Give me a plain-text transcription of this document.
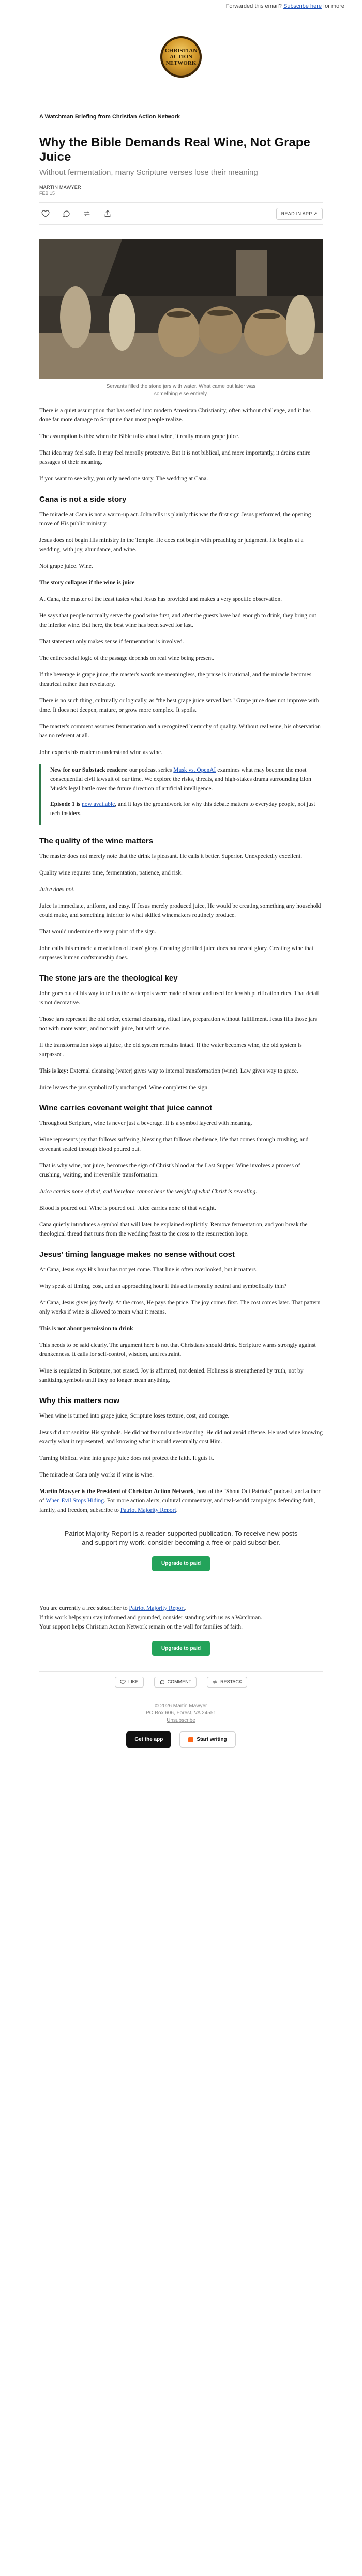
Forwarded this email? Subscribe here for more
CHRISTIAN ACTION NETWORK
A Watchman Briefing from Christian Action Network
Why the Bible Demands Real Wine, Not Grape Juice
Without fermentation, many Scripture verses lose their meaning
MARTIN MAWYER
FEB 15
READ IN APP ↗
Servants filled the stone jars with water. What came out later was something else entirely.

There is a quiet assumption that has settled into modern American Christianity, often without challenge, and it has done far more damage to Scripture than most people realize.

The assumption is this: when the Bible talks about wine, it really means grape juice.

That idea may feel safe. It may feel morally protective. But it is not biblical, and more importantly, it drains entire passages of their meaning.

If you want to see why, you only need one story. The wedding at Cana.

Cana is not a side story

The miracle at Cana is not a warm-up act. John tells us plainly this was the first sign Jesus performed, the opening move of His public ministry.

Jesus does not begin His ministry in the Temple. He does not begin with preaching or judgment. He begins at a wedding, with joy, abundance, and wine.

Not grape juice. Wine.

The story collapses if the wine is juice

At Cana, the master of the feast tastes what Jesus has provided and makes a very specific observation.

He says that people normally serve the good wine first, and after the guests have had enough to drink, they bring out the inferior wine. But here, the best wine has been saved for last.

That statement only makes sense if fermentation is involved.

The entire social logic of the passage depends on real wine being present.

If the beverage is grape juice, the master's words are meaningless, the praise is irrational, and the miracle becomes theatrical rather than revelatory.

There is no such thing, culturally or logically, as "the best grape juice served last." Grape juice does not improve with time. It does not deepen, mature, or grow more complex. It spoils.

The master's comment assumes fermentation and a recognized hierarchy of quality. Without real wine, his observation has no referent at all.

John expects his reader to understand wine as wine.

New for our Substack readers: our podcast series Musk vs. OpenAI examines what may become the most consequential civil lawsuit of our time. We explore the risks, threats, and high-stakes drama surrounding Elon Musk's legal battle over the future direction of artificial intelligence.

Episode 1 is now available, and it lays the groundwork for why this debate matters to everyday people, not just tech insiders.

The quality of the wine matters

The master does not merely note that the drink is pleasant. He calls it better. Superior. Unexpectedly excellent.

Quality wine requires time, fermentation, patience, and risk.

Juice does not.

Juice is immediate, uniform, and easy. If Jesus merely produced juice, He would be creating something any household could make, and something inferior to what skilled winemakers routinely produce.

That would undermine the very point of the sign.

John calls this miracle a revelation of Jesus' glory. Creating glorified juice does not reveal glory. Creating wine that surpasses human craftsmanship does.

The stone jars are the theological key

John goes out of his way to tell us the waterpots were made of stone and used for Jewish purification rites. That detail is not decorative.

Those jars represent the old order, external cleansing, ritual law, preparation without fulfillment. Jesus fills those jars not with more water, and not with juice, but with wine.

If the transformation stops at juice, the old system remains intact. If the water becomes wine, the old system is surpassed.

This is key: External cleansing (water) gives way to internal transformation (wine). Law gives way to grace.

Juice leaves the jars symbolically unchanged. Wine completes the sign.

Wine carries covenant weight that juice cannot

Throughout Scripture, wine is never just a beverage. It is a symbol layered with meaning.

Wine represents joy that follows suffering, blessing that follows obedience, life that comes through crushing, and covenant sealed through blood poured out.

That is why wine, not juice, becomes the sign of Christ's blood at the Last Supper. Wine involves a process of crushing, waiting, and irreversible transformation.

Juice carries none of that, and therefore cannot bear the weight of what Christ is revealing.

Blood is poured out. Wine is poured out. Juice carries none of that weight.

Cana quietly introduces a symbol that will later be explained explicitly. Remove fermentation, and you break the theological thread that runs from the wedding feast to the cross to the resurrection hope.

Jesus' timing language makes no sense without cost

At Cana, Jesus says His hour has not yet come. That line is often overlooked, but it matters.

Why speak of timing, cost, and an approaching hour if this act is morally neutral and symbolically thin?

At Cana, Jesus gives joy freely. At the cross, He pays the price. The joy comes first. The cost comes later. That pattern only works if wine is allowed to mean what it means.

This is not about permission to drink

This needs to be said clearly. The argument here is not that Christians should drink. Scripture warns strongly against drunkenness. It calls for self-control, wisdom, and restraint.

Wine is regulated in Scripture, not erased. Joy is affirmed, not denied. Holiness is strengthened by truth, not by sanitizing symbols until they no longer mean anything.

Why this matters now

When wine is turned into grape juice, Scripture loses texture, cost, and courage.

Jesus did not sanitize His symbols. He did not fear misunderstanding. He did not avoid offense. He used wine knowing exactly what it represented, and knowing what it would eventually cost Him.

Turning biblical wine into grape juice does not protect the faith. It guts it.

The miracle at Cana only works if wine is wine.

Martin Mawyer is the President of Christian Action Network, host of the "Shout Out Patriots" podcast, and author of When Evil Stops Hiding. For more action alerts, cultural commentary, and real-world campaigns defending faith, family, and freedom, subscribe to Patriot Majority Report.

Patriot Majority Report is a reader-supported publication. To receive new posts and support my work, consider becoming a free or paid subscriber.

Upgrade to paid

You are currently a free subscriber to Patriot Majority Report.

If this work helps you stay informed and grounded, consider standing with us as a Watchman.

Your support helps Christian Action Network remain on the wall for families of faith.

Upgrade to paid
LIKE	COMMENT	RESTACK
© 2026 Martin Mawyer
PO Box 606, Forest, VA 24551
Unsubscribe
Get the app	Start writing
